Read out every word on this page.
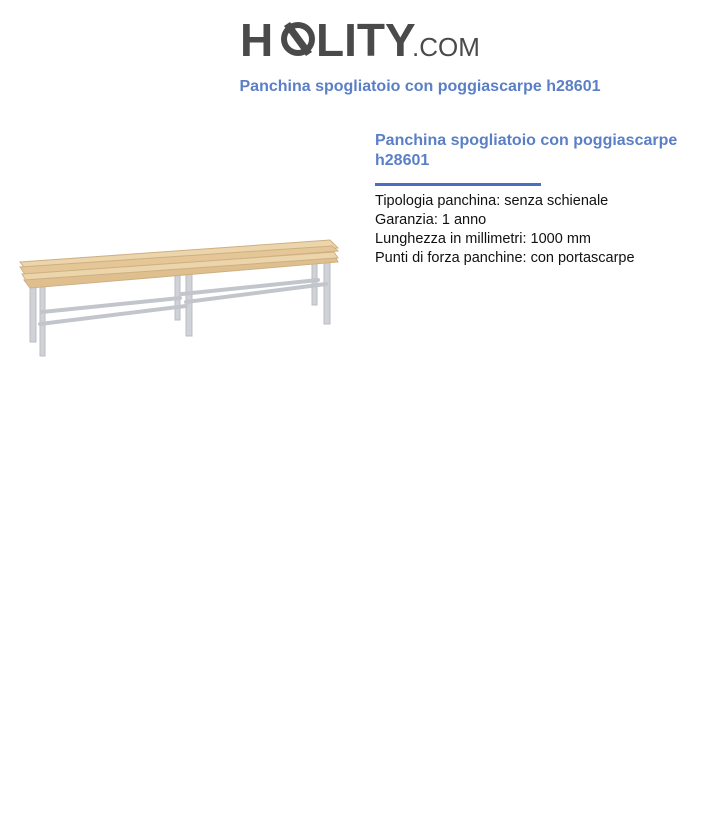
H LITY
.COM
Panchina spogliatoio con poggiascarpe h28601
Panchina spogliatoio con poggiascarpe h28601
Tipologia panchina: senza schienale
Garanzia: 1 anno
Lunghezza in millimetri: 1000 mm
Punti di forza panchine: con portascarpe
